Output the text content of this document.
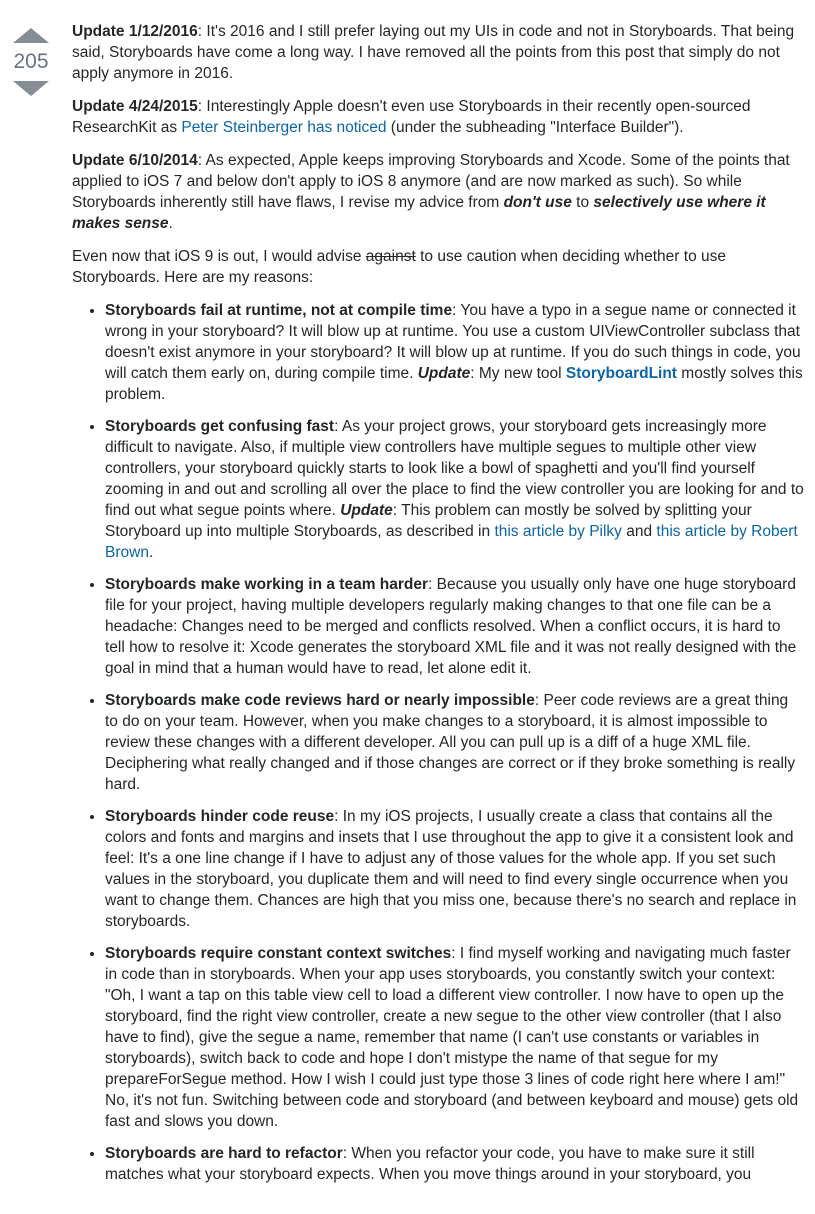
205

Update 1/12/2016: It's 2016 and I still prefer laying out my UIs in code and not in Storyboards. That being said, Storyboards have come a long way. I have removed all the points from this post that simply do not apply anymore in 2016.

Update 4/24/2015: Interestingly Apple doesn't even use Storyboards in their recently open-sourced ResearchKit as Peter Steinberger has noticed (under the subheading "Interface Builder").

Update 6/10/2014: As expected, Apple keeps improving Storyboards and Xcode. Some of the points that applied to iOS 7 and below don't apply to iOS 8 anymore (and are now marked as such). So while Storyboards inherently still have flaws, I revise my advice from don't use to selectively use where it makes sense.

Even now that iOS 9 is out, I would advise against to use caution when deciding whether to use Storyboards. Here are my reasons:

• Storyboards fail at runtime, not at compile time: You have a typo in a segue name or connected it wrong in your storyboard? It will blow up at runtime. You use a custom UIViewController subclass that doesn't exist anymore in your storyboard? It will blow up at runtime. If you do such things in code, you will catch them early on, during compile time. Update: My new tool StoryboardLint mostly solves this problem.
• Storyboards get confusing fast: As your project grows, your storyboard gets increasingly more difficult to navigate. Also, if multiple view controllers have multiple segues to multiple other view controllers, your storyboard quickly starts to look like a bowl of spaghetti and you'll find yourself zooming in and out and scrolling all over the place to find the view controller you are looking for and to find out what segue points where. Update: This problem can mostly be solved by splitting your Storyboard up into multiple Storyboards, as described in this article by Pilky and this article by Robert Brown.
• Storyboards make working in a team harder: Because you usually only have one huge storyboard file for your project, having multiple developers regularly making changes to that one file can be a headache: Changes need to be merged and conflicts resolved. When a conflict occurs, it is hard to tell how to resolve it: Xcode generates the storyboard XML file and it was not really designed with the goal in mind that a human would have to read, let alone edit it.
• Storyboards make code reviews hard or nearly impossible: Peer code reviews are a great thing to do on your team. However, when you make changes to a storyboard, it is almost impossible to review these changes with a different developer. All you can pull up is a diff of a huge XML file. Deciphering what really changed and if those changes are correct or if they broke something is really hard.
• Storyboards hinder code reuse: In my iOS projects, I usually create a class that contains all the colors and fonts and margins and insets that I use throughout the app to give it a consistent look and feel: It's a one line change if I have to adjust any of those values for the whole app. If you set such values in the storyboard, you duplicate them and will need to find every single occurrence when you want to change them. Chances are high that you miss one, because there's no search and replace in storyboards.
• Storyboards require constant context switches: I find myself working and navigating much faster in code than in storyboards. When your app uses storyboards, you constantly switch your context: "Oh, I want a tap on this table view cell to load a different view controller. I now have to open up the storyboard, find the right view controller, create a new segue to the other view controller (that I also have to find), give the segue a name, remember that name (I can't use constants or variables in storyboards), switch back to code and hope I don't mistype the name of that segue for my prepareForSegue method. How I wish I could just type those 3 lines of code right here where I am!" No, it's not fun. Switching between code and storyboard (and between keyboard and mouse) gets old fast and slows you down.
• Storyboards are hard to refactor: When you refactor your code, you have to make sure it still matches what your storyboard expects. When you move things around in your storyboard, you
